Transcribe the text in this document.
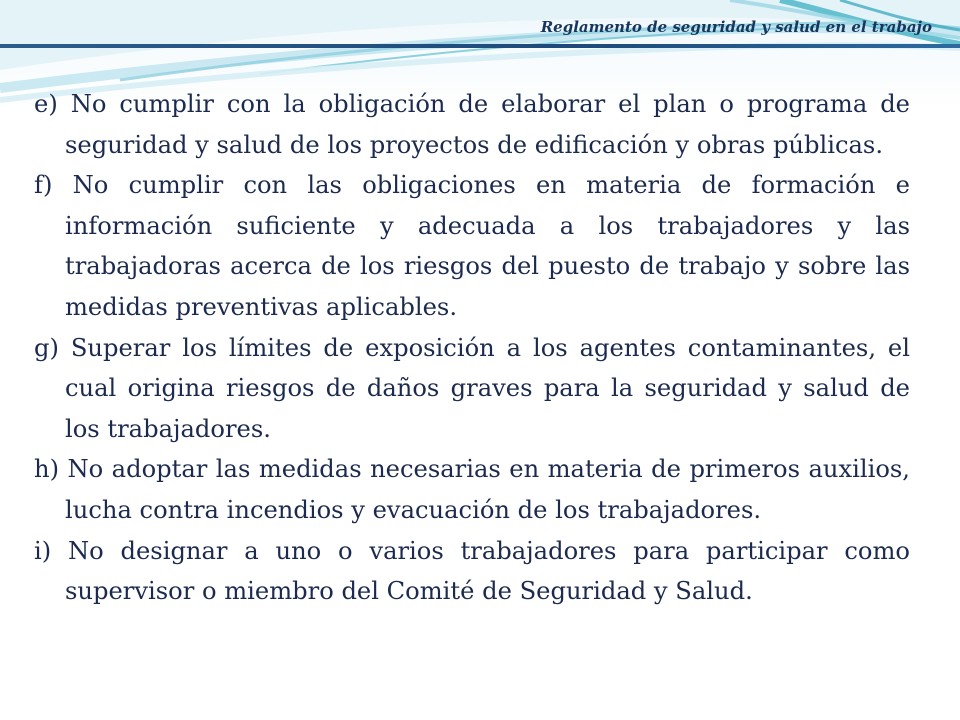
Reglamento de seguridad y salud en el trabajo

e) No cumplir con la obligación de elaborar el plan o programa de seguridad y salud de los proyectos de edificación y obras públicas.

f) No cumplir con las obligaciones en materia de formación e información suficiente y adecuada a los trabajadores y las trabajadoras acerca de los riesgos del puesto de trabajo y sobre las medidas preventivas aplicables.

g) Superar los límites de exposición a los agentes contaminantes, el cual origina riesgos de daños graves para la seguridad y salud de los trabajadores.

h) No adoptar las medidas necesarias en materia de primeros auxilios, lucha contra incendios y evacuación de los trabajadores.

i) No designar a uno o varios trabajadores para participar como supervisor o miembro del Comité de Seguridad y Salud.
